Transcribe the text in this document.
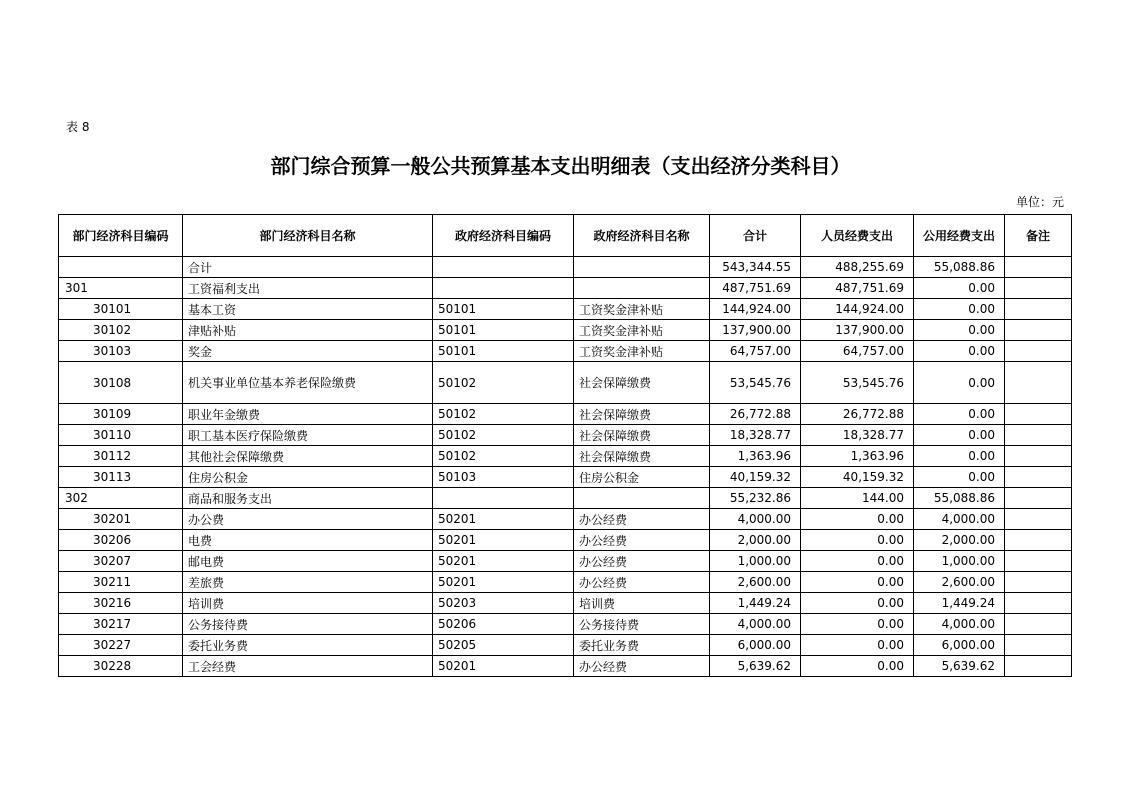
表 8
部门综合预算一般公共预算基本支出明细表（支出经济分类科目）
单位：元
部门经济科目编码	部门经济科目名称	政府经济科目编码	政府经济科目名称	合计	人员经费支出	公用经费支出	备注
	合计			543,344.55	488,255.69	55,088.86	
301	工资福利支出			487,751.69	487,751.69	0.00	
30101	基本工资	50101	工资奖金津补贴	144,924.00	144,924.00	0.00	
30102	津贴补贴	50101	工资奖金津补贴	137,900.00	137,900.00	0.00	
30103	奖金	50101	工资奖金津补贴	64,757.00	64,757.00	0.00	
30108	机关事业单位基本养老保险缴费	50102	社会保障缴费	53,545.76	53,545.76	0.00	
30109	职业年金缴费	50102	社会保障缴费	26,772.88	26,772.88	0.00	
30110	职工基本医疗保险缴费	50102	社会保障缴费	18,328.77	18,328.77	0.00	
30112	其他社会保障缴费	50102	社会保障缴费	1,363.96	1,363.96	0.00	
30113	住房公积金	50103	住房公积金	40,159.32	40,159.32	0.00	
302	商品和服务支出			55,232.86	144.00	55,088.86	
30201	办公费	50201	办公经费	4,000.00	0.00	4,000.00	
30206	电费	50201	办公经费	2,000.00	0.00	2,000.00	
30207	邮电费	50201	办公经费	1,000.00	0.00	1,000.00	
30211	差旅费	50201	办公经费	2,600.00	0.00	2,600.00	
30216	培训费	50203	培训费	1,449.24	0.00	1,449.24	
30217	公务接待费	50206	公务接待费	4,000.00	0.00	4,000.00	
30227	委托业务费	50205	委托业务费	6,000.00	0.00	6,000.00	
30228	工会经费	50201	办公经费	5,639.62	0.00	5,639.62	
